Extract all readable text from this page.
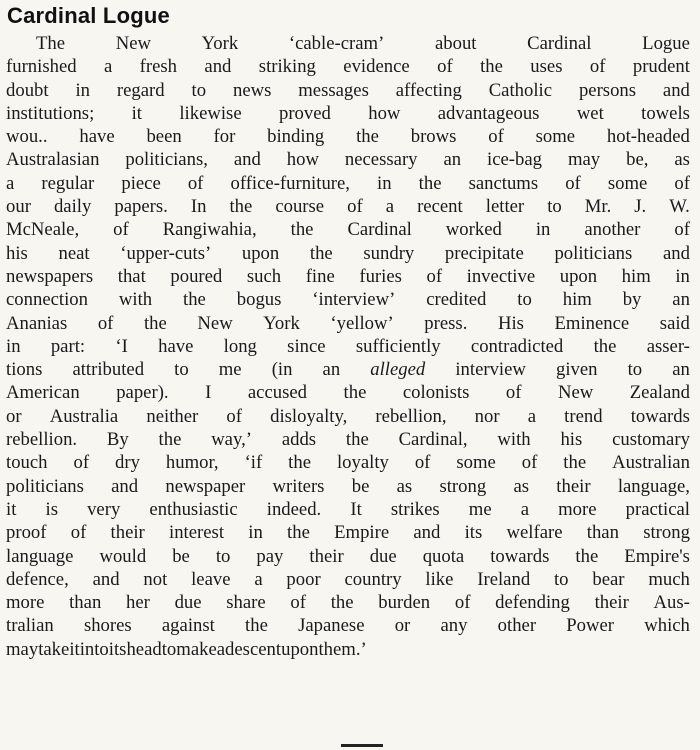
Cardinal Logue
The	New	York	‘cable-cram’	about	Cardinal	Logue
furnished a fresh and striking evidence of the uses of prudent
doubt in regard to news messages affecting Catholic persons and
institutions; it likewise proved how advantageous wet towels
wou.. have been for binding the brows of some hot-headed
Australasian politicians, and how necessary an ice-bag may be, as
a regular piece of office-furniture, in the sanctums of some of
our daily papers. In the course of a recent letter to Mr. J. W.
McNeale, of Rangiwahia, the Cardinal worked in another of
his neat ‘upper-cuts’ upon the sundry precipitate politicians and
newspapers that poured such fine furies of invective upon him in
connection with the bogus ‘interview’ credited to him by an
Ananias of the New York ‘yellow’ press. His Eminence said
in part: ‘I have long since sufficiently contradicted the asser-
tions attributed to me (in an alleged interview given to an
American paper). I accused the colonists of New Zealand
or Australia neither of disloyalty, rebellion, nor a trend towards
rebellion. By the way,’ adds the Cardinal, with his customary
touch of dry humor, ‘if the loyalty of some of the Australian
politicians and newspaper writers be as strong as their language,
it is very enthusiastic indeed. It strikes me a more practical
proof of their interest in the Empire and its welfare than strong
language would be to pay their due quota towards the Empire's
defence, and not leave a poor country like Ireland to bear much
more than her due share of the burden of defending their Aus-
tralian shores against the Japanese or any other Power which
may take it into its head to make a descent upon them.’
